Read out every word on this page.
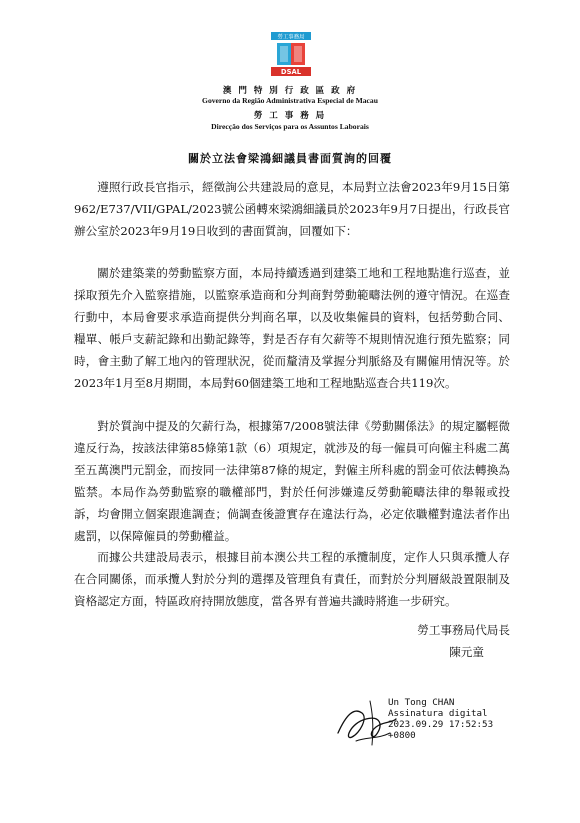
勞工事務局
DSAL
澳 門 特 別 行 政 區 政 府
Governo da Região Administrativa Especial de Macau
勞 工 事 務 局
Direcção dos Serviços para os Assuntos Laborais
關於立法會梁鴻細議員書面質詢的回覆

遵照行政長官指示，經徵詢公共建設局的意見，本局對立法會2023年9月15日第962/E737/VII/GPAL/2023號公函轉來梁鴻細議員於2023年9月7日提出，行政長官辦公室於2023年9月19日收到的書面質詢，回覆如下：

關於建築業的勞動監察方面，本局持續透過到建築工地和工程地點進行巡查，並採取預先介入監察措施，以監察承造商和分判商對勞動範疇法例的遵守情況。在巡查行動中，本局會要求承造商提供分判商名單，以及收集僱員的資料，包括勞動合同、糧單、帳戶支薪記錄和出勤記錄等，對是否存有欠薪等不規則情況進行預先監察；同時，會主動了解工地內的管理狀況，從而釐清及掌握分判脈絡及有關僱用情況等。於2023年1月至8月期間，本局對60個建築工地和工程地點巡查合共119次。

對於質詢中提及的欠薪行為，根據第7/2008號法律《勞動關係法》的規定屬輕微違反行為，按該法律第85條第1款（6）項規定，就涉及的每一僱員可向僱主科處二萬至五萬澳門元罰金，而按同一法律第87條的規定，對僱主所科處的罰金可依法轉換為監禁。本局作為勞動監察的職權部門，對於任何涉嫌違反勞動範疇法律的舉報或投訴，均會開立個案跟進調查；倘調查後證實存在違法行為，必定依職權對違法者作出處罰，以保障僱員的勞動權益。

而據公共建設局表示，根據目前本澳公共工程的承攬制度，定作人只與承攬人存在合同關係，而承攬人對於分判的選擇及管理負有責任，而對於分判層級設置限制及資格認定方面，特區政府持開放態度，當各界有普遍共識時將進一步研究。

勞工事務局代局長
陳元童
Un Tong CHAN
Assinatura digital
2023.09.29 17:52:53
+0800
